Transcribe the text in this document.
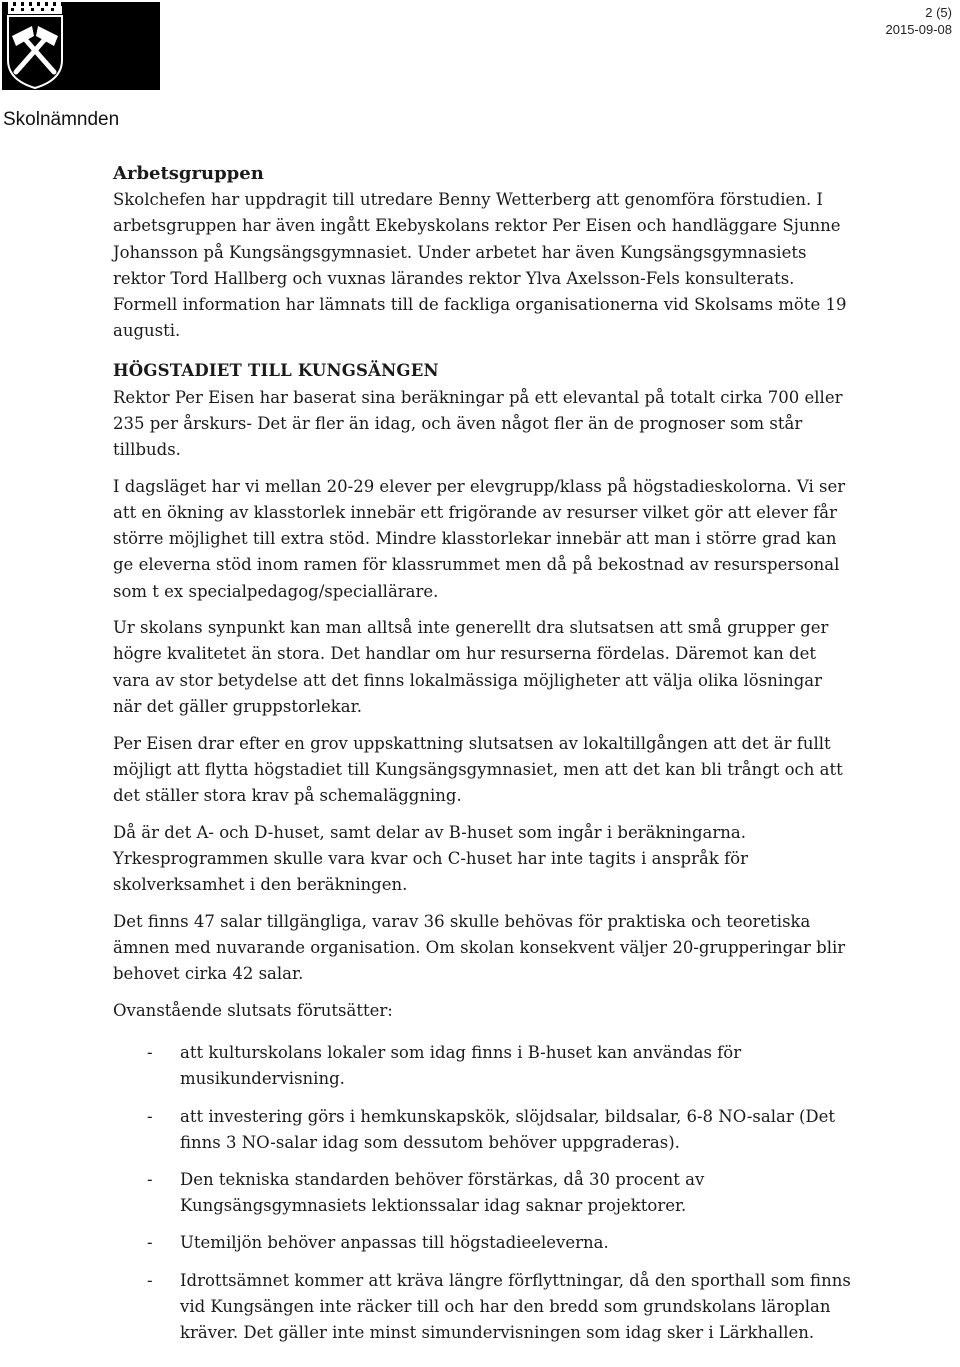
2 (5)
2015-09-08
Skolnämnden

Arbetsgruppen
Skolchefen har uppdragit till utredare Benny Wetterberg att genomföra förstudien. I arbetsgruppen har även ingått Ekebyskolans rektor Per Eisen och handläggare Sjunne Johansson på Kungsängsgymnasiet. Under arbetet har även Kungsängsgymnasiets rektor Tord Hallberg och vuxnas lärandes rektor Ylva Axelsson-Fels konsulterats. Formell information har lämnats till de fackliga organisationerna vid Skolsams möte 19 augusti.

HÖGSTADIET TILL KUNGSÄNGEN
Rektor Per Eisen har baserat sina beräkningar på ett elevantal på totalt cirka 700 eller 235 per årskurs- Det är fler än idag, och även något fler än de prognoser som står tillbuds.

I dagsläget har vi mellan 20-29 elever per elevgrupp/klass på högstadieskolorna. Vi ser att en ökning av klasstorlek innebär ett frigörande av resurser vilket gör att elever får större möjlighet till extra stöd. Mindre klasstorlekar innebär att man i större grad kan ge eleverna stöd inom ramen för klassrummet men då på bekostnad av resurspersonal som t ex specialpedagog/speciallärare.

Ur skolans synpunkt kan man alltså inte generellt dra slutsatsen att små grupper ger högre kvalitetet än stora. Det handlar om hur resurserna fördelas. Däremot kan det vara av stor betydelse att det finns lokalmässiga möjligheter att välja olika lösningar när det gäller gruppstorlekar.

Per Eisen drar efter en grov uppskattning slutsatsen av lokaltillgången att det är fullt möjligt att flytta högstadiet till Kungsängsgymnasiet, men att det kan bli trångt och att det ställer stora krav på schemaläggning.

Då är det A- och D-huset, samt delar av B-huset som ingår i beräkningarna. Yrkesprogrammen skulle vara kvar och C-huset har inte tagits i anspråk för skolverksamhet i den beräkningen.

Det finns 47 salar tillgängliga, varav 36 skulle behövas för praktiska och teoretiska ämnen med nuvarande organisation. Om skolan konsekvent väljer 20-grupperingar blir behovet cirka 42 salar.

Ovanstående slutsats förutsätter:

- att kulturskolans lokaler som idag finns i B-huset kan användas för musikundervisning.
- att investering görs i hemkunskapskök, slöjdsalar, bildsalar, 6-8 NO-salar (Det finns 3 NO-salar idag som dessutom behöver uppgraderas).
- Den tekniska standarden behöver förstärkas, då 30 procent av Kungsängsgymnasiets lektionssalar idag saknar projektorer.
- Utemiljön behöver anpassas till högstadieeleverna.
- Idrottsämnet kommer att kräva längre förflyttningar, då den sporthall som finns vid Kungsängen inte räcker till och har den bredd som grundskolans läroplan kräver. Det gäller inte minst simundervisningen som idag sker i Lärkhallen.
